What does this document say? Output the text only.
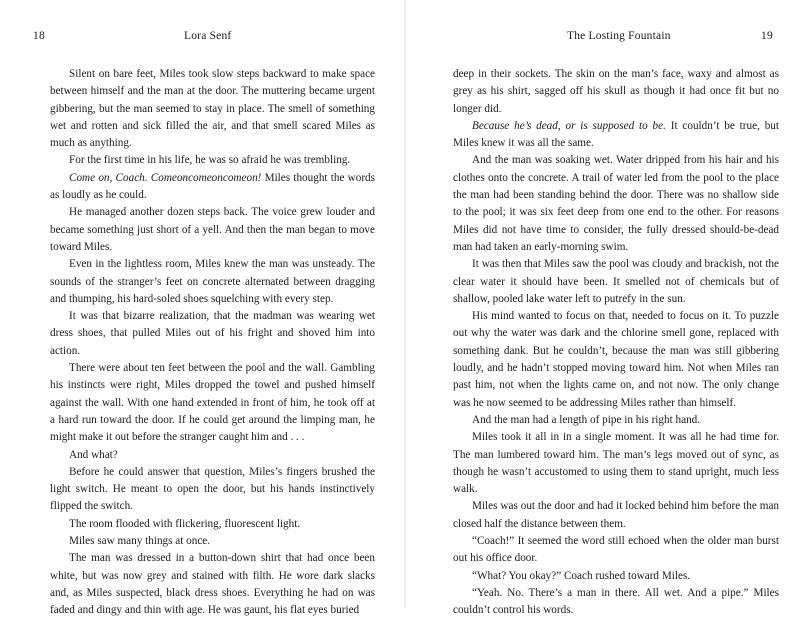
18	Lora Senf

Silent on bare feet, Miles took slow steps backward to make space between himself and the man at the door. The muttering became urgent gibbering, but the man seemed to stay in place. The smell of something wet and rotten and sick filled the air, and that smell scared Miles as much as anything.

For the first time in his life, he was so afraid he was trembling.

Come on, Coach. Comeoncomeoncomeon! Miles thought the words as loudly as he could.

He managed another dozen steps back. The voice grew louder and became something just short of a yell. And then the man began to move toward Miles.

Even in the lightless room, Miles knew the man was unsteady. The sounds of the stranger’s feet on concrete alternated between dragging and thumping, his hard-soled shoes squelching with every step.

It was that bizarre realization, that the madman was wearing wet dress shoes, that pulled Miles out of his fright and shoved him into action.

There were about ten feet between the pool and the wall. Gambling his instincts were right, Miles dropped the towel and pushed himself against the wall. With one hand extended in front of him, he took off at a hard run toward the door. If he could get around the limping man, he might make it out before the stranger caught him and . . .

And what?

Before he could answer that question, Miles’s fingers brushed the light switch. He meant to open the door, but his hands instinctively flipped the switch.

The room flooded with flickering, fluorescent light.

Miles saw many things at once.

The man was dressed in a button-down shirt that had once been white, but was now grey and stained with filth. He wore dark slacks and, as Miles suspected, black dress shoes. Everything he had on was faded and dingy and thin with age. He was gaunt, his flat eyes buried

The Losting Fountain	19

deep in their sockets. The skin on the man’s face, waxy and almost as grey as his shirt, sagged off his skull as though it had once fit but no longer did.

Because he’s dead, or is supposed to be. It couldn’t be true, but Miles knew it was all the same.

And the man was soaking wet. Water dripped from his hair and his clothes onto the concrete. A trail of water led from the pool to the place the man had been standing behind the door. There was no shallow side to the pool; it was six feet deep from one end to the other. For reasons Miles did not have time to consider, the fully dressed should-be-dead man had taken an early-morning swim.

It was then that Miles saw the pool was cloudy and brackish, not the clear water it should have been. It smelled not of chemicals but of shallow, pooled lake water left to putrefy in the sun.

His mind wanted to focus on that, needed to focus on it. To puzzle out why the water was dark and the chlorine smell gone, replaced with something dank. But he couldn’t, because the man was still gibbering loudly, and he hadn’t stopped moving toward him. Not when Miles ran past him, not when the lights came on, and not now. The only change was he now seemed to be addressing Miles rather than himself.

And the man had a length of pipe in his right hand.

Miles took it all in in a single moment. It was all he had time for. The man lumbered toward him. The man’s legs moved out of sync, as though he wasn’t accustomed to using them to stand upright, much less walk.

Miles was out the door and had it locked behind him before the man closed half the distance between them.

“Coach!” It seemed the word still echoed when the older man burst out his office door.

“What? You okay?” Coach rushed toward Miles.

“Yeah. No. There’s a man in there. All wet. And a pipe.” Miles couldn’t control his words.
